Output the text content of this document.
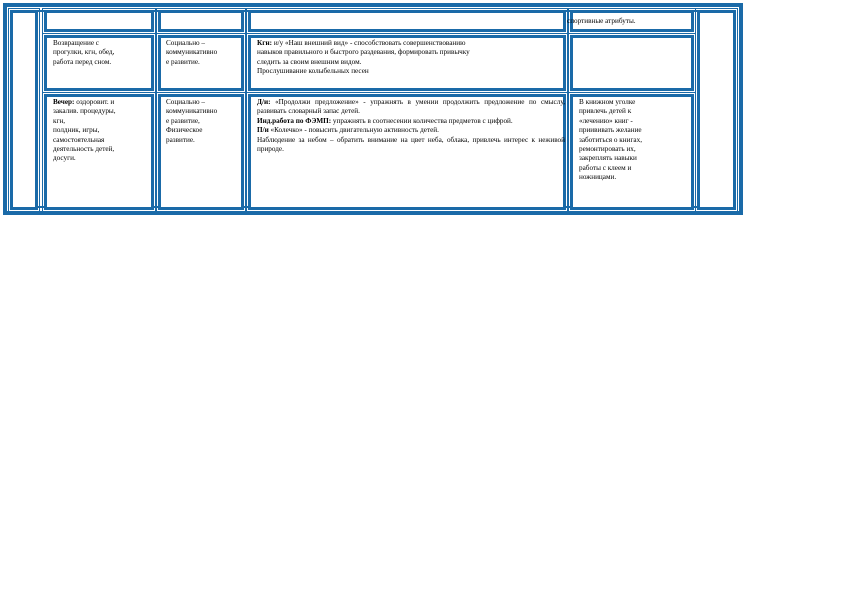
спортивные атрибуты.
Возвращение с
прогулки, кгн, обед,
работа перед сном.
Социально –
коммуникативно
е развитие.
Кгн: и/у «Наш внешний вид» - способствовать совершенствованию
навыков правильного и быстрого раздевания, формировать привычку
следить за своим внешним видом.
Прослушивание колыбельных песен
Вечер: оздоровит. и
закалив. процедуры,
кгн,
полдник, игры,
самостоятельная
деятельность детей,
досуги.
Социально –
коммуникативно
е развитие,
Физическое
развитие.
Д/и: «Продолжи предложение» - упражнять в умении продолжить предложение по смыслу, развивать словарный запас детей.
Инд.работа по ФЭМП: упражнять в соотнесении количества предметов с цифрой.
П/и «Колечко» - повысить двигательную активность детей.
Наблюдение за небом – обратить внимание на цвет неба, облака, привлечь интерес к неживой природе.
В книжном уголке
привлечь детей к
«лечению» книг -
приививать желание
заботиться о книгах,
ремонтировать их,
закреплять навыки
работы с клеем и
ножницами.
